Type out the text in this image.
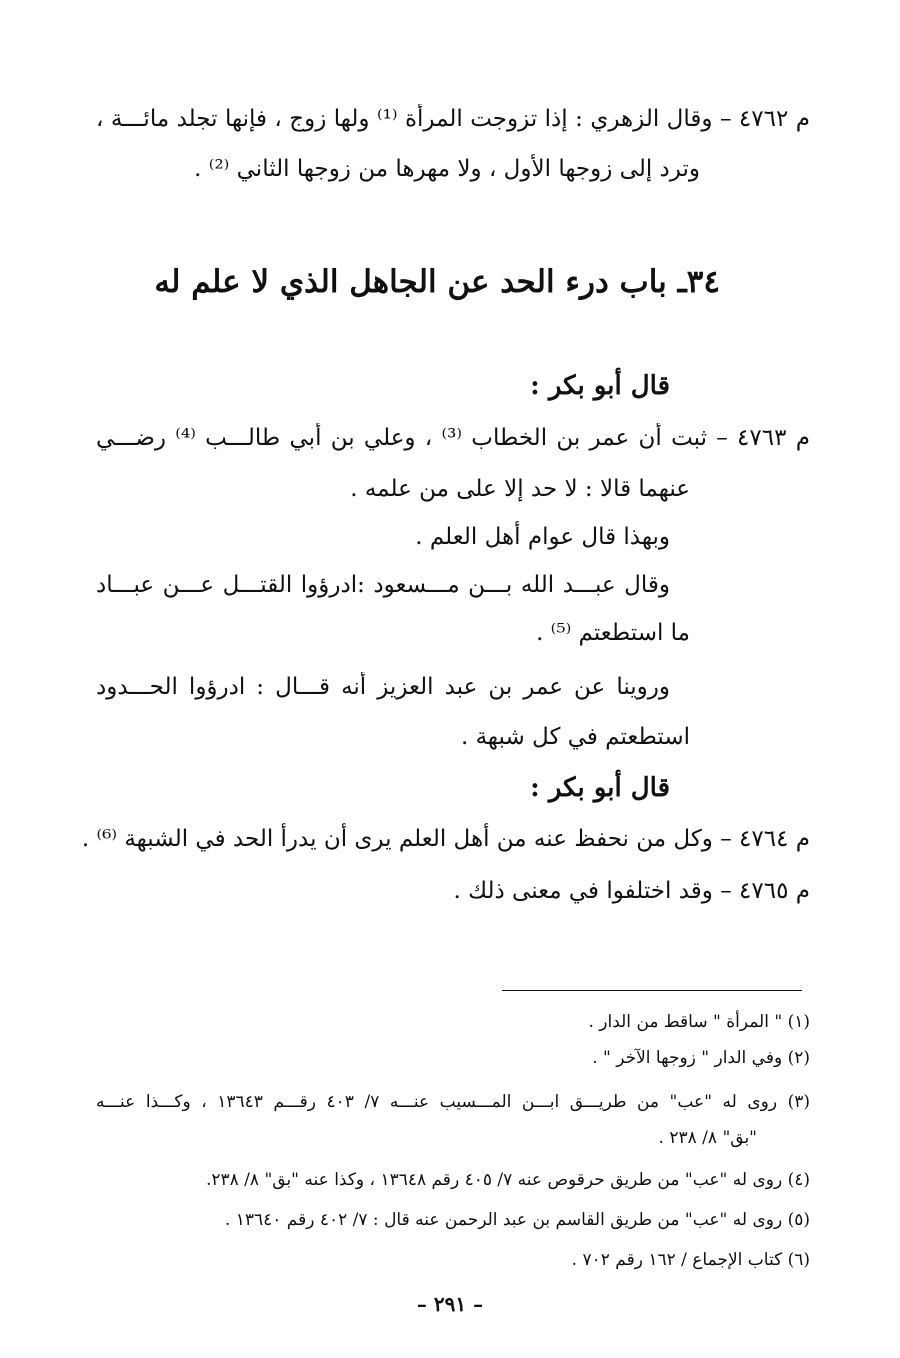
م ٤٧٦٢ – وقال الزهري : إذا تزوجت المرأة ⁽¹⁾ ولها زوج ، فإنها تجلد مائـــة ،
وترد إلى زوجها الأول ، ولا مهرها من زوجها الثاني ⁽²⁾ .
٣٤ـ باب درء الحد عن الجاهل الذي لا علم له
قال أبو بكر :
م ٤٧٦٣ – ثبت أن عمر بن الخطاب ⁽³⁾ ، وعلي بن أبي طالـــب ⁽⁴⁾ رضـــي
عنهما قالا : لا حد إلا على من علمه .
وبهذا قال عوام أهل العلم .
وقال عبـــد الله بـــن مـــسعود :ادرؤوا القتـــل عـــن عبـــاد
ما استطعتم ⁽⁵⁾ .
وروينا عن عمر بن عبد العزيز أنه قـــال : ادرؤوا الحـــدود
استطعتم في كل شبهة .
قال أبو بكر :
م ٤٧٦٤ – وكل من نحفظ عنه من أهل العلم يرى أن يدرأ الحد في الشبهة ⁽⁶⁾ .
م ٤٧٦٥ – وقد اختلفوا في معنى ذلك .
(١) " المرأة " ساقط من الدار .
(٢) وفي الدار " زوجها الآخر " .
(٣) روى له "عب" من طريـــق ابـــن المـــسيب عنـــه ٧/ ٤٠٣ رقـــم ١٣٦٤٣ ، وكـــذا عنـــه
"بق" ٨/ ٢٣٨ .
(٤) روى له "عب" من طريق حرقوص عنه ٧/ ٤٠٥ رقم ١٣٦٤٨ ، وكذا عنه "بق" ٨/ ٢٣٨.
(٥) روى له "عب" من طريق القاسم بن عبد الرحمن عنه قال : ٧/ ٤٠٢ رقم ١٣٦٤٠ .
(٦) كتاب الإجماع / ١٦٢ رقم ٧٠٢ .
– ٢٩١ –
